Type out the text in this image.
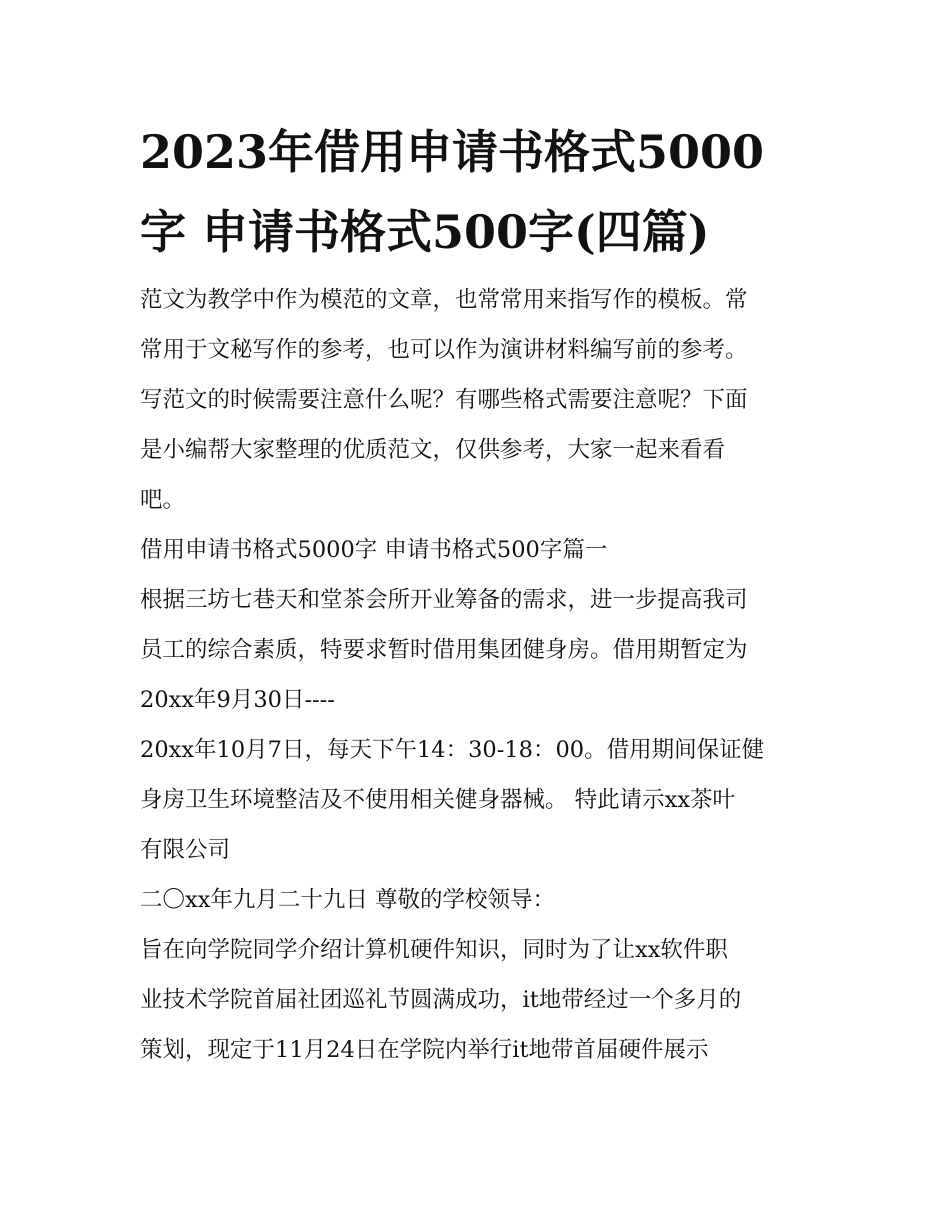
2023年借用申请书格式5000
字 申请书格式500字(四篇)
范文为教学中作为模范的文章，也常常用来指写作的模板。常
常用于文秘写作的参考，也可以作为演讲材料编写前的参考。
写范文的时候需要注意什么呢？有哪些格式需要注意呢？下面
是小编帮大家整理的优质范文，仅供参考，大家一起来看看
吧。
借用申请书格式5000字 申请书格式500字篇一
根据三坊七巷天和堂茶会所开业筹备的需求，进一步提高我司
员工的综合素质，特要求暂时借用集团健身房。借用期暂定为
20xx年9月30日----
20xx年10月7日，每天下午14：30-18：00。借用期间保证健
身房卫生环境整洁及不使用相关健身器械。 特此请示xx茶叶
有限公司
二〇xx年九月二十九日 尊敬的学校领导：
旨在向学院同学介绍计算机硬件知识，同时为了让xx软件职
业技术学院首届社团巡礼节圆满成功，it地带经过一个多月的
策划，现定于11月24日在学院内举行it地带首届硬件展示
